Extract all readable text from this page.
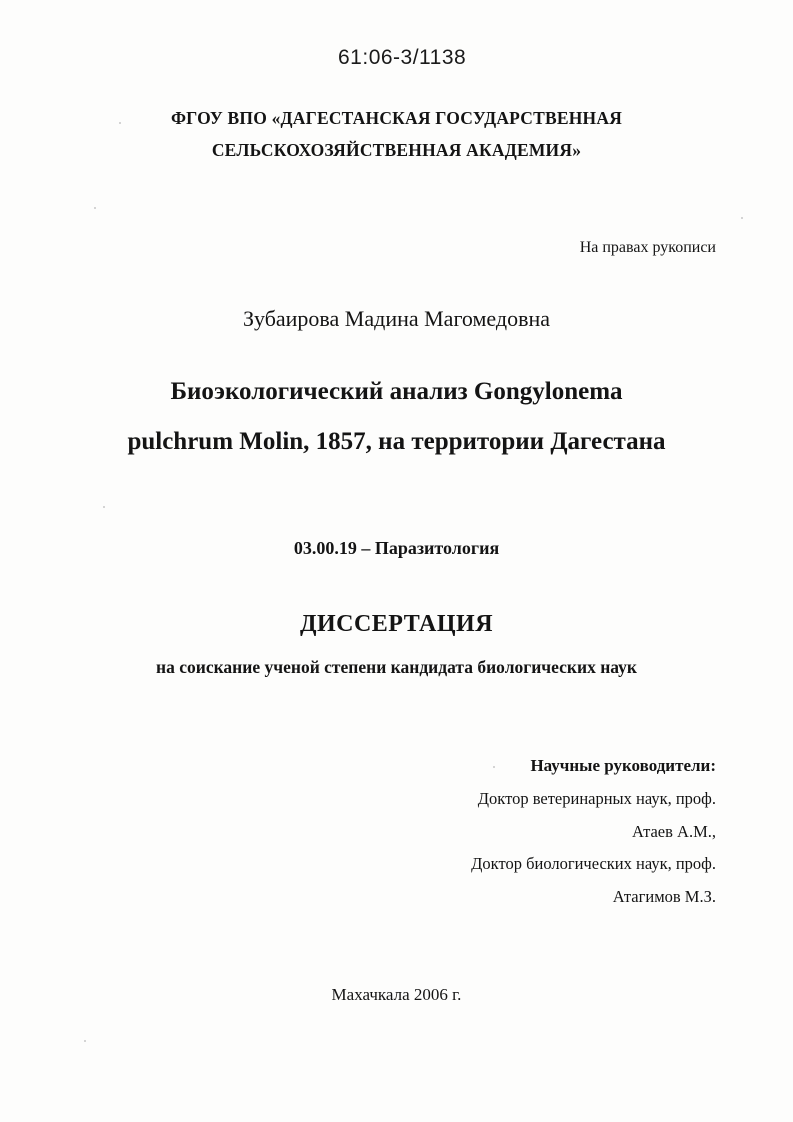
61:06-3/1138
ФГОУ ВПО «ДАГЕСТАНСКАЯ ГОСУДАРСТВЕННАЯ
СЕЛЬСКОХОЗЯЙСТВЕННАЯ АКАДЕМИЯ»
На правах рукописи
Зубаирова Мадина Магомедовна
Биоэкологический анализ Gongylonema
pulchrum Molin, 1857, на территории Дагестана
03.00.19 – Паразитология
ДИССЕРТАЦИЯ
на соискание ученой степени кандидата биологических наук
Научные руководители:
Доктор ветеринарных наук, проф.
Атаев А.М.,
Доктор биологических наук, проф.
Атагимов М.З.
Махачкала 2006 г.
